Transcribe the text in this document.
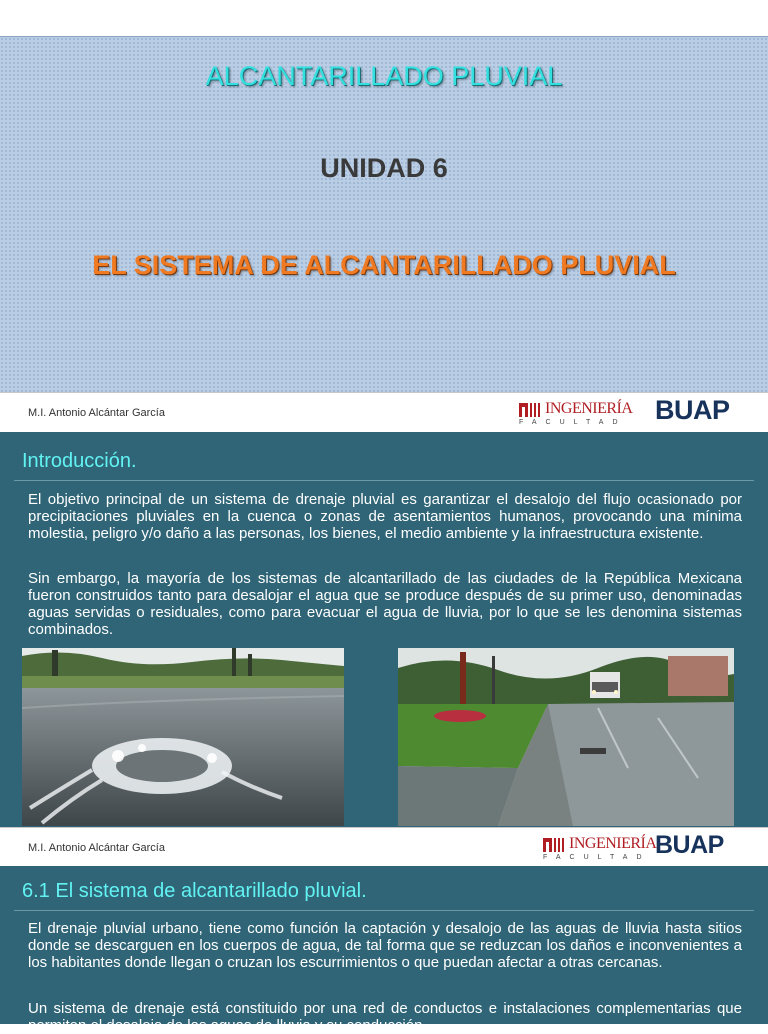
ALCANTARILLADO PLUVIAL
UNIDAD 6
EL SISTEMA DE ALCANTARILLADO PLUVIAL
M.I. Antonio Alcántar García	INGENIERÍA
FACULTAD	BUAP
Introducción.

El objetivo principal de un sistema de drenaje pluvial es garantizar el desalojo del flujo ocasionado por precipitaciones pluviales en la cuenca o zonas de asentamientos humanos, provocando una mínima molestia, peligro y/o daño a las personas, los bienes, el medio ambiente y la infraestructura existente.

Sin embargo, la mayoría de los sistemas de alcantarillado de las ciudades de la República Mexicana fueron construidos tanto para desalojar el agua que se produce después de su primer uso, denominadas aguas servidas o residuales, como para evacuar el agua de lluvia, por lo que se les denomina sistemas combinados.

M.I. Antonio Alcántar García	INGENIERÍA
FACULTAD BUAP
6.1 El sistema de alcantarillado pluvial.

El drenaje pluvial urbano, tiene como función la captación y desalojo de las aguas de lluvia hasta sitios donde se descarguen en los cuerpos de agua, de tal forma que se reduzcan los daños e inconvenientes a los habitantes donde llegan o cruzan los escurrimientos o que puedan afectar a otras cercanas.

Un sistema de drenaje está constituido por una red de conductos e instalaciones complementarias que permiten el desalojo de las aguas de lluvia y su conducción
